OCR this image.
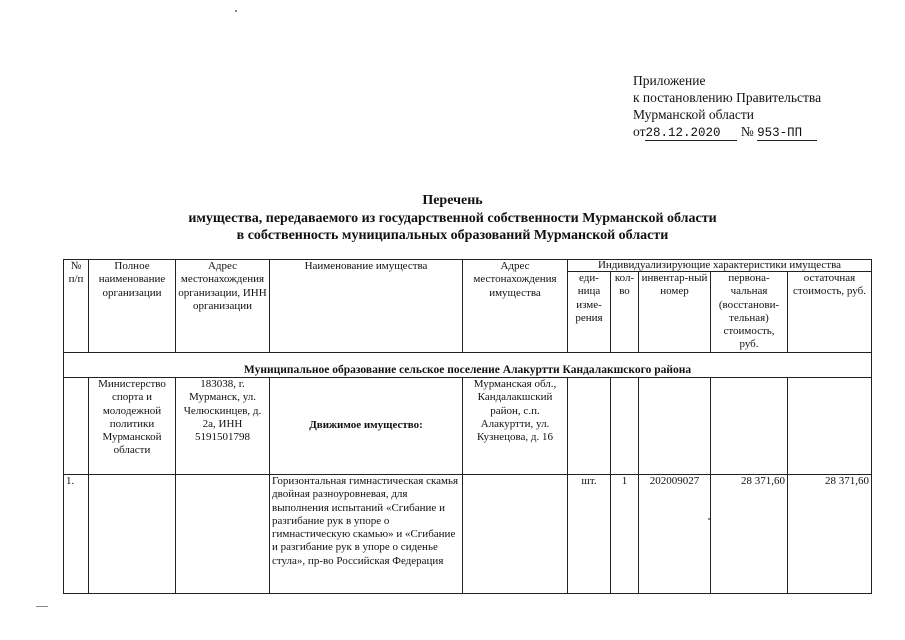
Приложение
к постановлению Правительства
Мурманской области
от28.12.2020 № 953-ПП
Перечень
имущества, передаваемого из государственной собственности Мурманской области
в собственность муниципальных образований Мурманской области
№ п/п	Полное наименование организации	Адрес местонахождения организации, ИНН организации	Наименование имущества	Адрес местонахождения имущества	Индивидуализирующие характеристики имущества				
					еди-ница изме-рения	кол-во	инвентар-ный номер	первона-чальная (восстанови-тельная) стоимость, руб.	остаточная стоимость, руб.
Муниципальное образование сельское поселение Алакуртти Кандалакшского района									
	Министерство спорта и молодежной политики Мурманской области	183038, г. Мурманск, ул. Челюскинцев, д. 2а, ИНН 5191501798	Движимое имущество:	Мурманская обл., Кандалакшский район, с.п. Алакуртти, ул. Кузнецова, д. 16					
1.			Горизонтальная гимнастическая скамья двойная разноуровневая, для выполнения испытаний «Сгибание и разгибание рук в упоре о гимнастическую скамью» и «Сгибание и разгибание рук в упоре о сиденье стула», пр-во Российская Федерация		шт.	1	202009027	28 371,60	28 371,60
